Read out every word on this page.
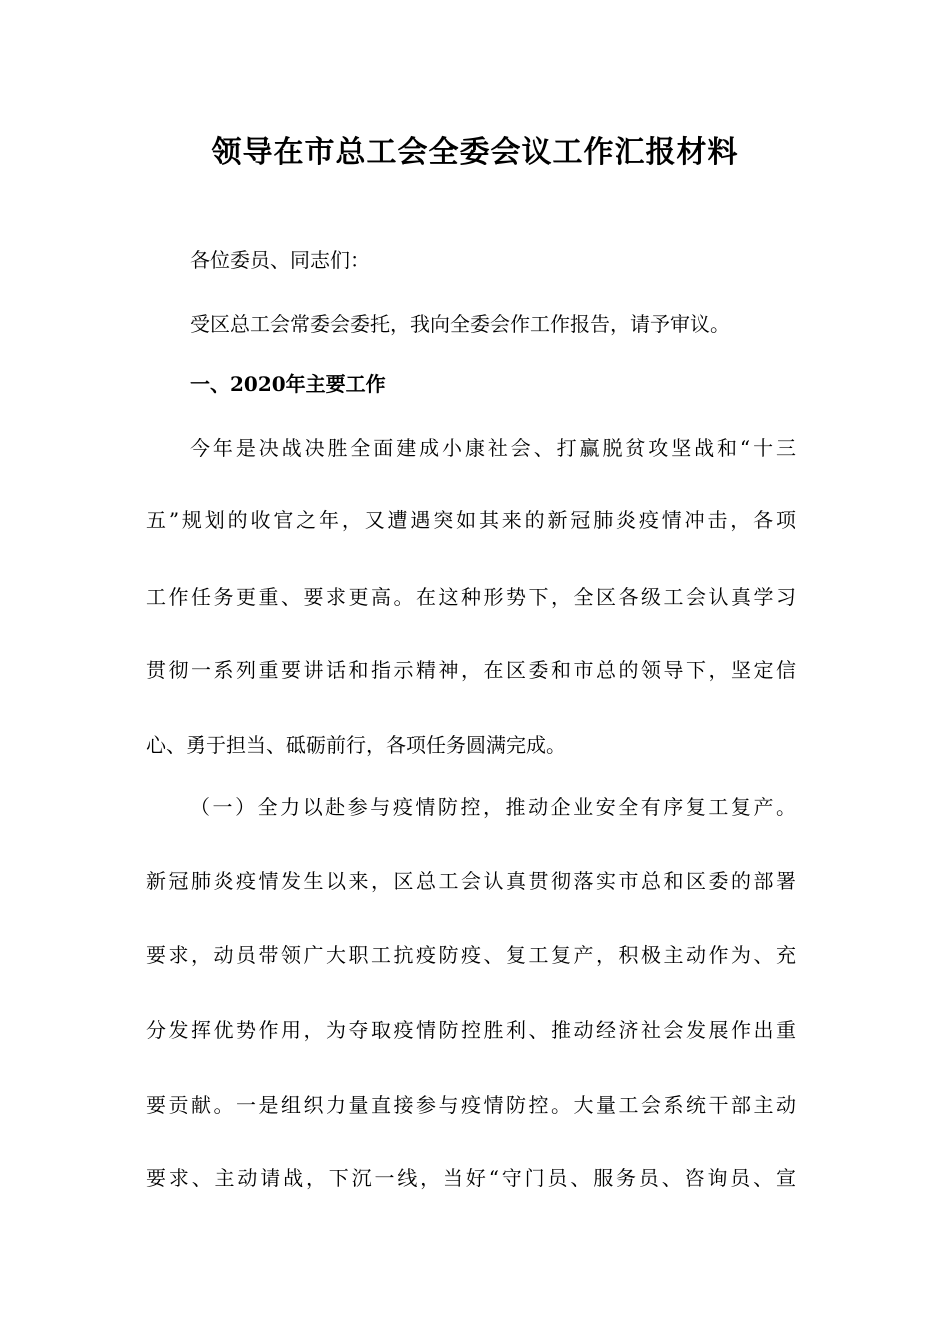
领导在市总工会全委会议工作汇报材料

各位委员、同志们：

受区总工会常委会委托，我向全委会作工作报告，请予审议。

一、2020年主要工作

今年是决战决胜全面建成小康社会、打赢脱贫攻坚战和“十三

五”规划的收官之年，又遭遇突如其来的新冠肺炎疫情冲击，各项

工作任务更重、要求更高。在这种形势下，全区各级工会认真学习

贯彻一系列重要讲话和指示精神，在区委和市总的领导下，坚定信

心、勇于担当、砥砺前行，各项任务圆满完成。

（一）全力以赴参与疫情防控，推动企业安全有序复工复产。

新冠肺炎疫情发生以来，区总工会认真贯彻落实市总和区委的部署

要求，动员带领广大职工抗疫防疫、复工复产，积极主动作为、充

分发挥优势作用，为夺取疫情防控胜利、推动经济社会发展作出重

要贡献。一是组织力量直接参与疫情防控。大量工会系统干部主动

要求、主动请战，下沉一线，当好“守门员、服务员、咨询员、宣
